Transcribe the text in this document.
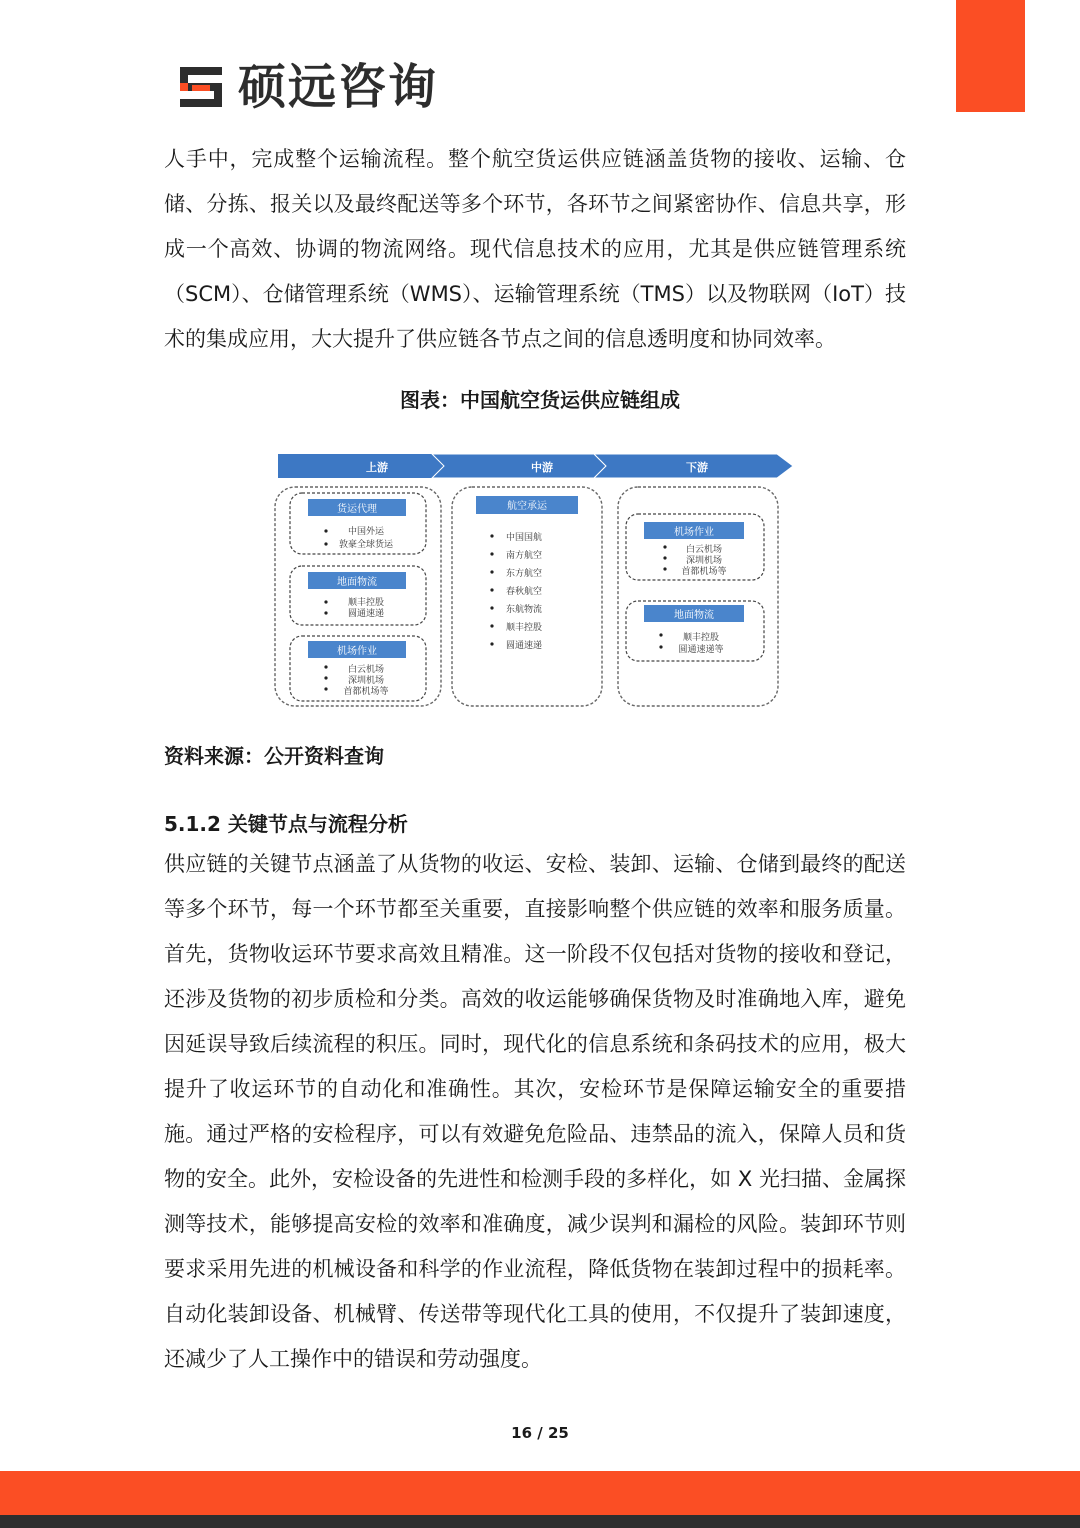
硕远咨询
人手中，完成整个运输流程。整个航空货运供应链涵盖货物的接收、运输、仓储、分拣、报关以及最终配送等多个环节，各环节之间紧密协作、信息共享，形成一个高效、协调的物流网络。现代信息技术的应用，尤其是供应链管理系统（SCM）、仓储管理系统（WMS）、运输管理系统（TMS）以及物联网（IoT）技术的集成应用，大大提升了供应链各节点之间的信息透明度和协同效率。
图表：中国航空货运供应链组成
上游	中游	下游
货运代理
中国外运
敦豪全球货运
地面物流
顺丰控股
圆通速递
机场作业
白云机场
深圳机场
首都机场等
航空承运
中国国航
南方航空
东方航空
春秋航空
东航物流
顺丰控股
圆通速递
机场作业
白云机场
深圳机场
首都机场等
地面物流
顺丰控股
圆通速递等
资料来源：公开资料查询
5.1.2 关键节点与流程分析
供应链的关键节点涵盖了从货物的收运、安检、装卸、运输、仓储到最终的配送等多个环节，每一个环节都至关重要，直接影响整个供应链的效率和服务质量。首先，货物收运环节要求高效且精准。这一阶段不仅包括对货物的接收和登记，还涉及货物的初步质检和分类。高效的收运能够确保货物及时准确地入库，避免因延误导致后续流程的积压。同时，现代化的信息系统和条码技术的应用，极大提升了收运环节的自动化和准确性。其次，安检环节是保障运输安全的重要措施。通过严格的安检程序，可以有效避免危险品、违禁品的流入，保障人员和货物的安全。此外，安检设备的先进性和检测手段的多样化，如 X 光扫描、金属探测等技术，能够提高安检的效率和准确度，减少误判和漏检的风险。装卸环节则要求采用先进的机械设备和科学的作业流程，降低货物在装卸过程中的损耗率。自动化装卸设备、机械臂、传送带等现代化工具的使用，不仅提升了装卸速度，还减少了人工操作中的错误和劳动强度。
16 / 25
